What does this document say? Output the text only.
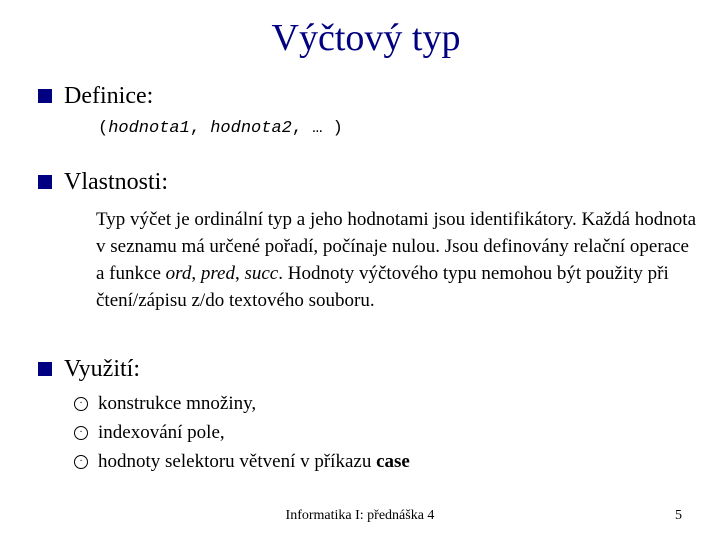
Výčtový typ
Definice:
(hodnota1, hodnota2, … )
Vlastnosti:
Typ výčet je ordinální typ a jeho hodnotami jsou identifikátory. Každá hodnota v seznamu má určené pořadí, počínaje nulou. Jsou definovány relační operace a funkce ord, pred, succ. Hodnoty výčtového typu nemohou být použity při čtení/zápisu z/do textového souboru.
Využití:
· konstrukce množiny,
· indexování pole,
· hodnoty selektoru větvení v příkazu case
Informatika I: přednáška 4	5
